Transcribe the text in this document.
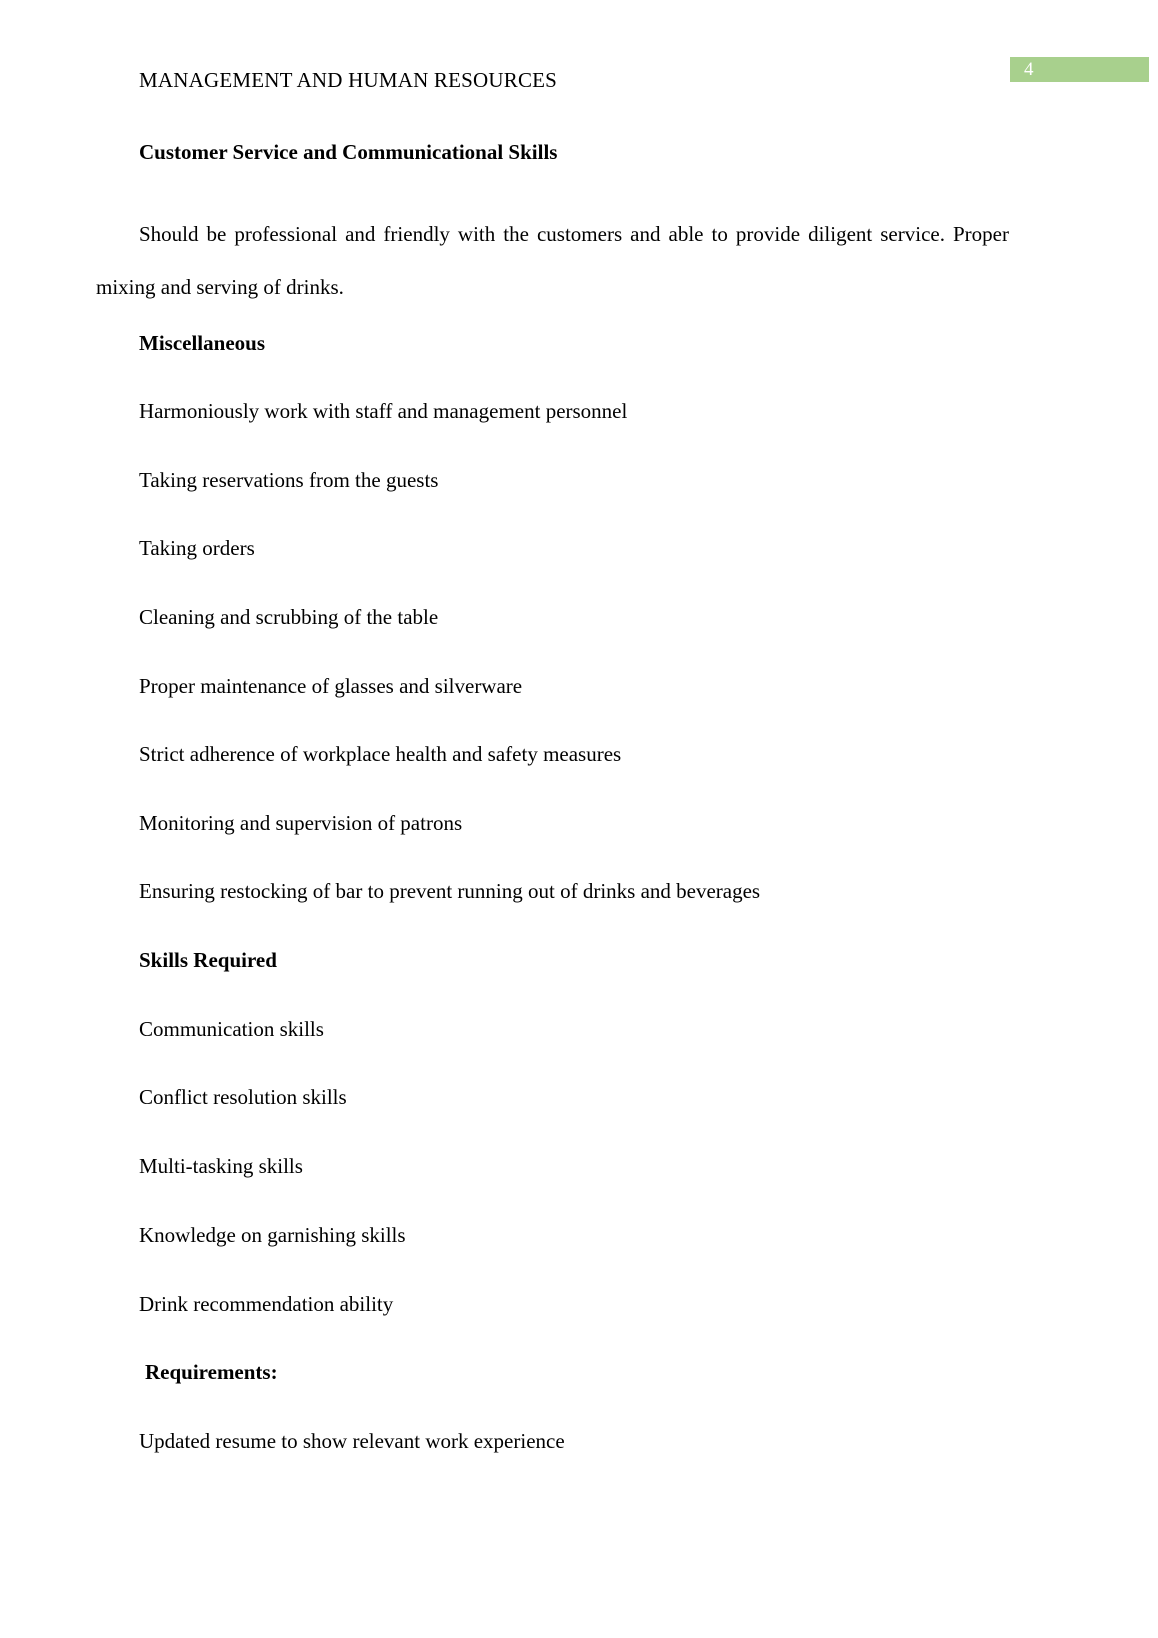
4
MANAGEMENT AND HUMAN RESOURCES
Customer Service and Communicational Skills
Should be professional and friendly with the customers and able to provide diligent service. Proper mixing and serving of drinks.
Miscellaneous
Harmoniously work with staff and management personnel
Taking reservations from the guests
Taking orders
Cleaning and scrubbing of the table
Proper maintenance of glasses and silverware
Strict adherence of workplace health and safety measures
Monitoring and supervision of patrons
Ensuring restocking of bar to prevent running out of drinks and beverages
Skills Required
Communication skills
Conflict resolution skills
Multi-tasking skills
Knowledge on garnishing skills
Drink recommendation ability
Requirements:
Updated resume to show relevant work experience
